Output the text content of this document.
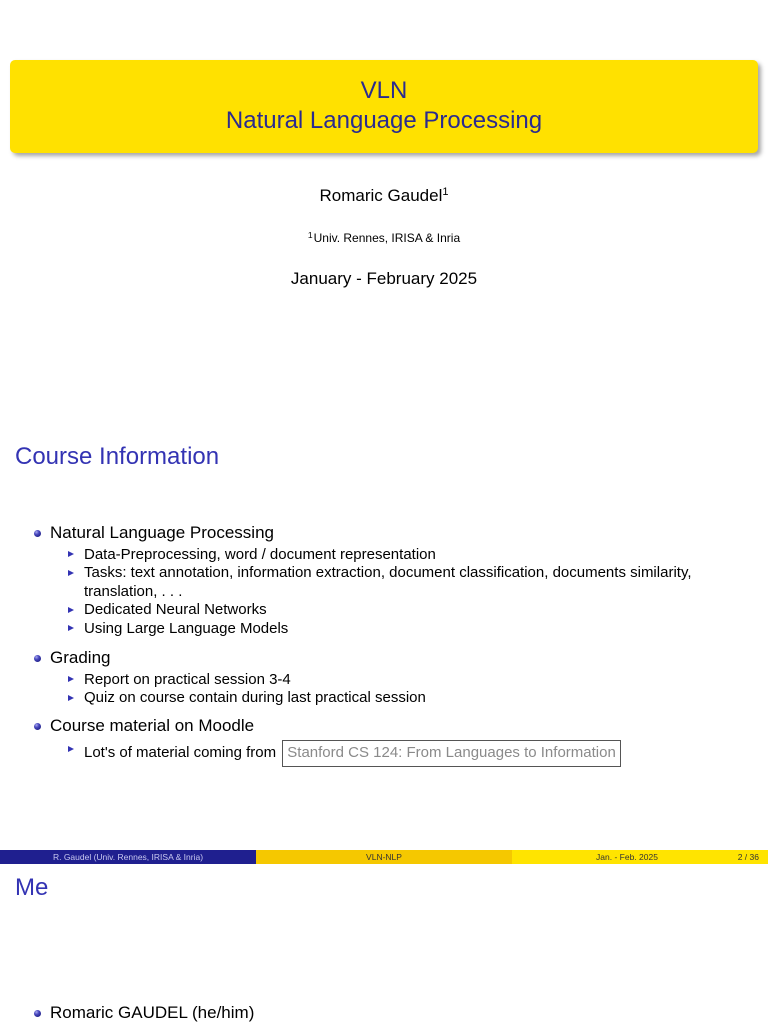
VLN
Natural Language Processing
Romaric Gaudel$^1$
$^1$Univ. Rennes, IRISA & Inria
January - February 2025
Course Information
Natural Language Processing
Data-Preprocessing, word / document representation
Tasks: text annotation, information extraction, document classification, documents similarity,
translation, . . .
Dedicated Neural Networks
Using Large Language Models
Grading
Report on practical session 3-4
Quiz on course contain during last practical session
Course material on Moodle
Lot's of material coming from Stanford CS 124: From Languages to Information
R. Gaudel (Univ. Rennes, IRISA & Inria)	VLN-NLP	Jan. - Feb. 2025	2 / 36
Me
Romaric GAUDEL (he/him)
